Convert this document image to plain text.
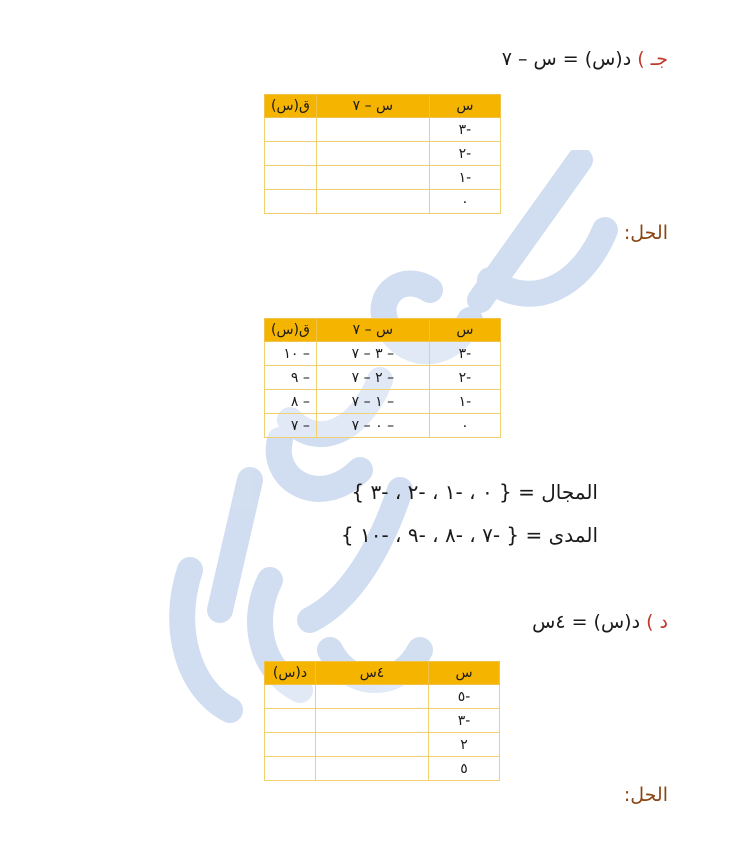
جـ ) د(س) = س – ٧
س	س – ٧	ق(س)
-٣		
-٢		
-١		
٠		
الحل:
س	س – ٧	ق(س)
-٣	– ٣ – ٧	– ١٠
-٢	– ٢ – ٧	– ٩
-١	– ١ – ٧	– ٨
٠	– ٠ – ٧	– ٧
المجال = { ٠ ، -١ ، -٢ ، -٣ }
المدى = { -٧ ، -٨ ، -٩ ، -١٠ }
د ) د(س) = ٤س
س	٤س	د(س)
-٥		
-٣		
٢		
٥		
الحل:
